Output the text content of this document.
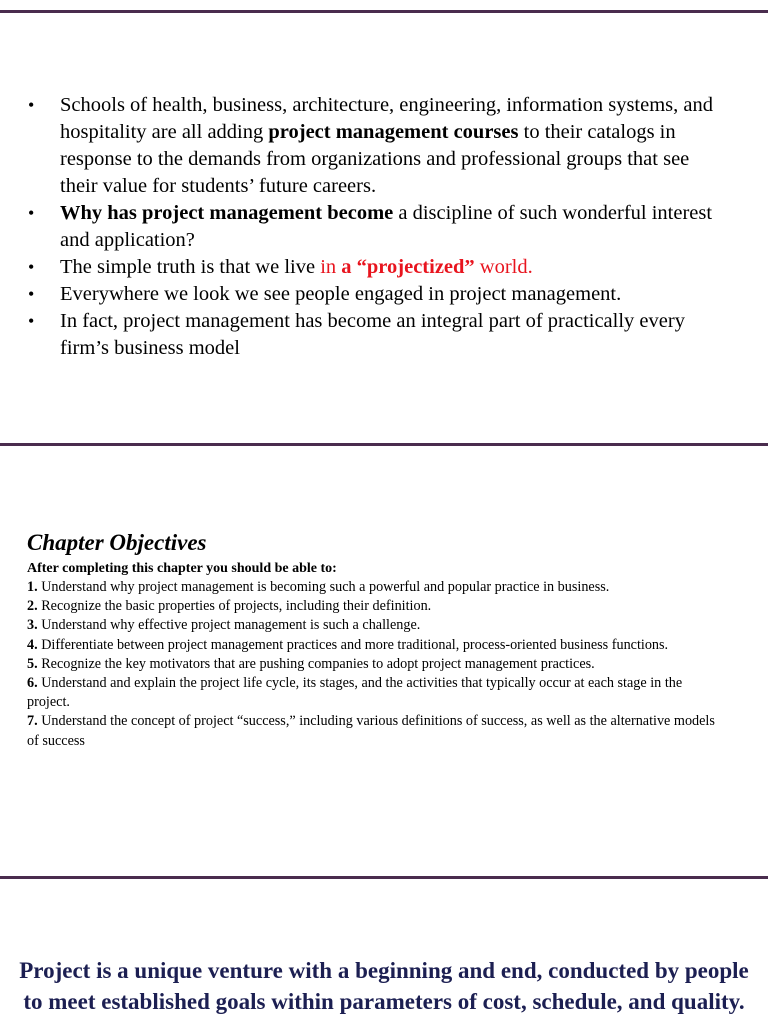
• Schools of health, business, architecture, engineering, information systems, and hospitality are all adding project management courses to their catalogs in response to the demands from organizations and professional groups that see their value for students’ future careers.
• Why has project management become a discipline of such wonderful interest and application?
• The simple truth is that we live in a “projectized” world.
• Everywhere we look we see people engaged in project management.
• In fact, project management has become an integral part of practically every firm’s business model
Chapter Objectives
After completing this chapter you should be able to:
1. Understand why project management is becoming such a powerful and popular practice in business.
2. Recognize the basic properties of projects, including their definition.
3. Understand why effective project management is such a challenge.
4. Differentiate between project management practices and more traditional, process-oriented business functions.
5. Recognize the key motivators that are pushing companies to adopt project management practices.
6. Understand and explain the project life cycle, its stages, and the activities that typically occur at each stage in the project.
7. Understand the concept of project “success,” including various definitions of success, as well as the alternative models of success
Project is a unique venture with a beginning and end, conducted by people to meet established goals within parameters of cost, schedule, and quality.
